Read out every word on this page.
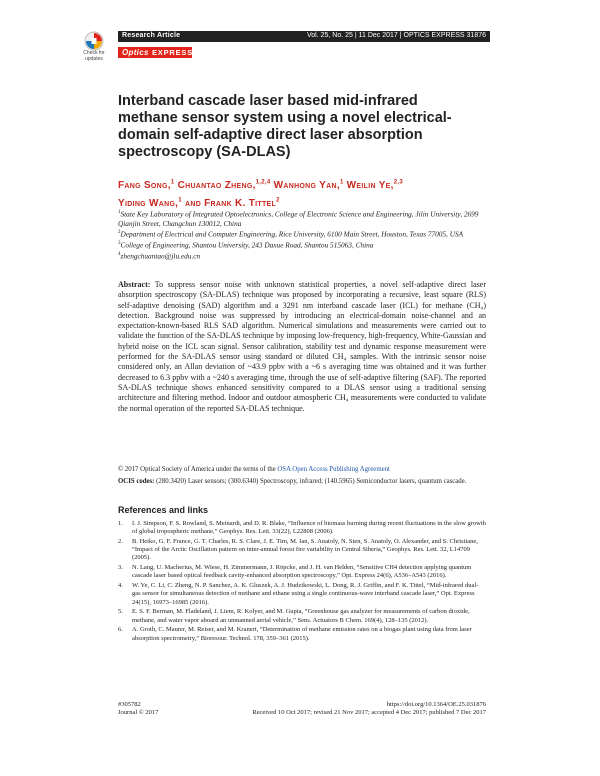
Research Article	Vol. 25, No. 25 | 11 Dec 2017 | OPTICS EXPRESS 31876
Optics EXPRESS
Check for updates
Interband cascade laser based mid-infrared methane sensor system using a novel electrical-domain self-adaptive direct laser absorption spectroscopy (SA-DLAS)
Fang Song,$^1$ Chuantao Zheng,$^{1,2,4}$ Wanhong Yan,$^1$ Weilin Ye,$^{2,3}$
Yiding Wang,$^1$ and Frank K. Tittel$^2$
$^1$State Key Laboratory of Integrated Optoelectronics, College of Electronic Science and Engineering, Jilin University, 2699 Qianjin Street, Changchun 130012, China
$^2$Department of Electrical and Computer Engineering, Rice University, 6100 Main Street, Houston, Texas 77005, USA
$^3$College of Engineering, Shantou University, 243 Daxue Road, Shantou 515063, China
$^4$zhengchuantao@jlu.edu.cn
Abstract: To suppress sensor noise with unknown statistical properties, a novel self-adaptive direct laser absorption spectroscopy (SA-DLAS) technique was proposed by incorporating a recursive, least square (RLS) self-adaptive denoising (SAD) algorithm and a 3291 nm interband cascade laser (ICL) for methane (CH₄) detection. Background noise was suppressed by introducing an electrical-domain noise-channel and an expectation-known-based RLS SAD algorithm. Numerical simulations and measurements were carried out to validate the function of the SA-DLAS technique by imposing low-frequency, high-frequency, White-Gaussian and hybrid noise on the ICL scan signal. Sensor calibration, stability test and dynamic response measurement were performed for the SA-DLAS sensor using standard or diluted CH₄ samples. With the intrinsic sensor noise considered only, an Allan deviation of ~43.9 ppbv with a ~6 s averaging time was obtained and it was further decreased to 6.3 ppbv with a ~240 s averaging time, through the use of self-adaptive filtering (SAF). The reported SA-DLAS technique shows enhanced sensitivity compared to a DLAS sensor using a traditional sensing architecture and filtering method. Indoor and outdoor atmospheric CH₄ measurements were conducted to validate the normal operation of the reported SA-DLAS technique.
© 2017 Optical Society of America under the terms of the OSA Open Access Publishing Agreement
OCIS codes: (280.3420) Laser sensors; (300.6340) Spectroscopy, infrared; (140.5965) Semiconductor lasers, quantum cascade.
References and links
1.	I. J. Simpson, F. S. Rowland, S. Meinardi, and D. R. Blake, “Influence of biomass burning during recent fluctuations in the slow growth of global tropospheric methane,” Geophys. Res. Lett. 33(22), L22808 (2006).
2.	B. Heiko, G. F. France, G. T. Charles, R. S. Clare, J. E. Tim, M. Ian, S. Anatoly, N. Sten, S. Anatoly, O. Alexander, and S. Christiane, “Impact of the Arctic Oscillation pattern on inter-annual forest fire variability in Central Siberia,” Geophys. Res. Lett. 32, L14709 (2005).
3.	N. Lang, U. Macherius, M. Wiese, H. Zimmermann, J. Röpcke, and J. H. van Helden, “Sensitive CH4 detection applying quantum cascade laser based optical feedback cavity-enhanced absorption spectroscopy,” Opt. Express 24(6), A536–A543 (2016).
4.	W. Ye, C. Li, C. Zheng, N. P. Sanchez, A. K. Gluszek, A. J. Hudzikowski, L. Dong, R. J. Griffin, and F. K. Tittel, “Mid-infrared dual-gas sensor for simultaneous detection of methane and ethane using a single continuous-wave interband cascade laser,” Opt. Express 24(15), 16973–16985 (2016).
5.	E. S. F. Berman, M. Fladeland, J. Liem, R. Kolyer, and M. Gupta, “Greenhouse gas analyzer for measurements of carbon dioxide, methane, and water vapor aboard an unmanned aerial vehicle,” Sens. Actuators B Chem. 169(4), 128–135 (2012).
6.	A. Groth, C. Maurer, M. Reiser, and M. Kranert, “Determination of methane emission rates on a biogas plant using data from laser absorption spectrometry,” Bioresour. Technol. 178, 359–361 (2015).
#305782
Journal © 2017
https://doi.org/10.1364/OE.25.031876
Received 10 Oct 2017; revised 21 Nov 2017; accepted 4 Dec 2017; published 7 Dec 2017
